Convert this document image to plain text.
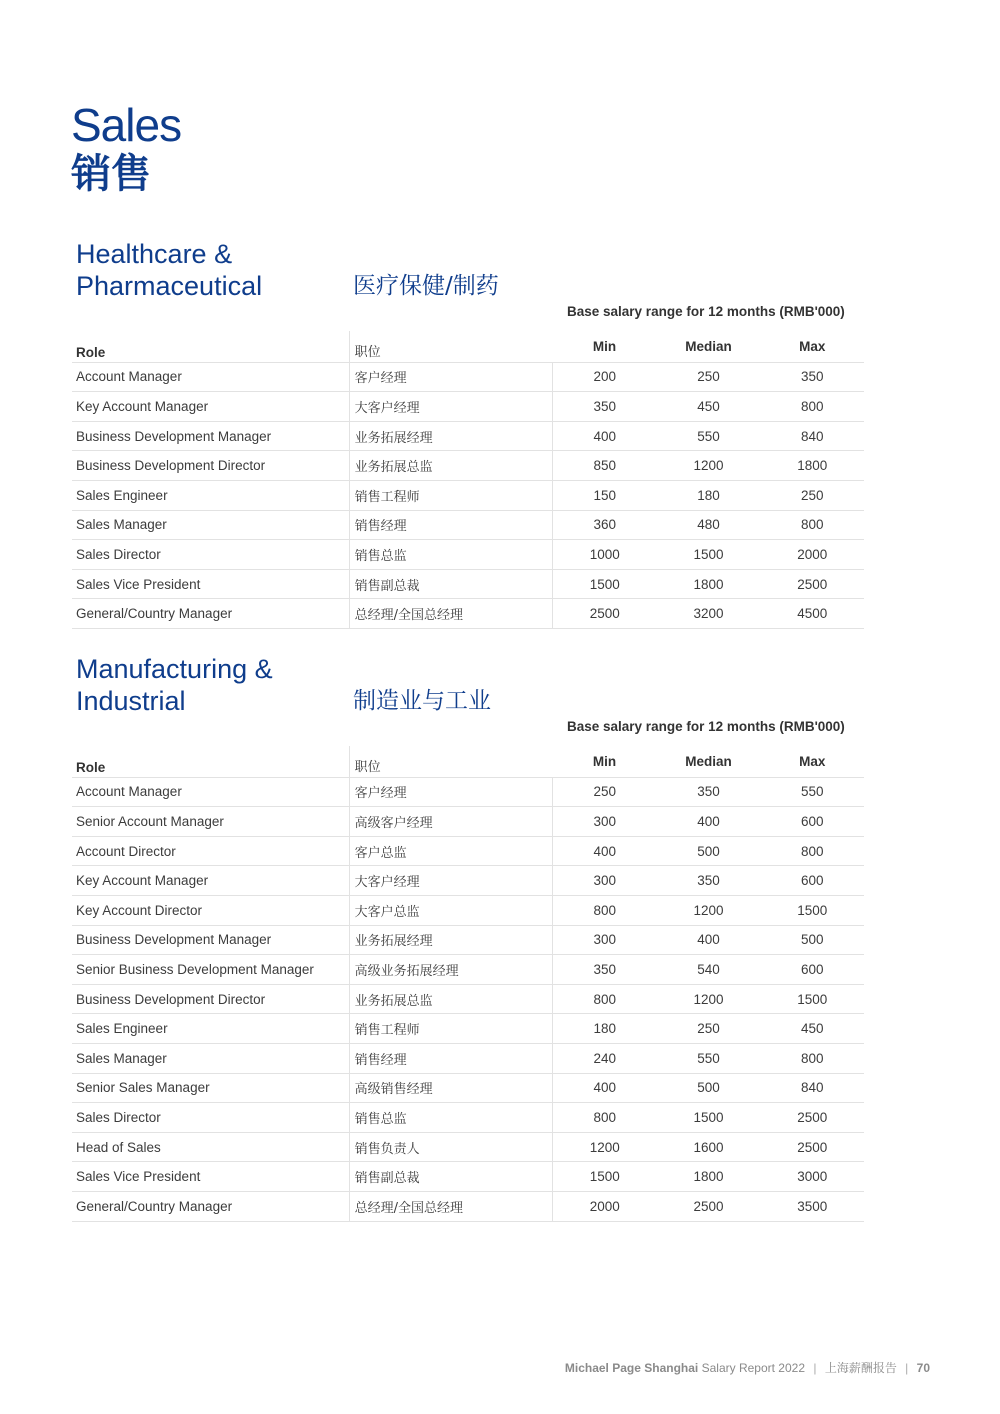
Sales
销售
Healthcare & Pharmaceutical	医疗保健/制药
Base salary range for 12 months (RMB'000)
Role	职位	Min	Median	Max
Account Manager	客户经理	200	250	350
Key Account Manager	大客户经理	350	450	800
Business Development Manager	业务拓展经理	400	550	840
Business Development Director	业务拓展总监	850	1200	1800
Sales Engineer	销售工程师	150	180	250
Sales Manager	销售经理	360	480	800
Sales Director	销售总监	1000	1500	2000
Sales Vice President	销售副总裁	1500	1800	2500
General/Country Manager	总经理/全国总经理	2500	3200	4500
Manufacturing & Industrial	制造业与工业
Base salary range for 12 months (RMB'000)
Role	职位	Min	Median	Max
Account Manager	客户经理	250	350	550
Senior Account Manager	高级客户经理	300	400	600
Account Director	客户总监	400	500	800
Key Account Manager	大客户经理	300	350	600
Key Account Director	大客户总监	800	1200	1500
Business Development Manager	业务拓展经理	300	400	500
Senior Business Development Manager	高级业务拓展经理	350	540	600
Business Development Director	业务拓展总监	800	1200	1500
Sales Engineer	销售工程师	180	250	450
Sales Manager	销售经理	240	550	800
Senior Sales Manager	高级销售经理	400	500	840
Sales Director	销售总监	800	1500	2500
Head of Sales	销售负责人	1200	1600	2500
Sales Vice President	销售副总裁	1500	1800	3000
General/Country Manager	总经理/全国总经理	2000	2500	3500
Michael Page Shanghai Salary Report 2022 | 上海薪酬报告 | 70
